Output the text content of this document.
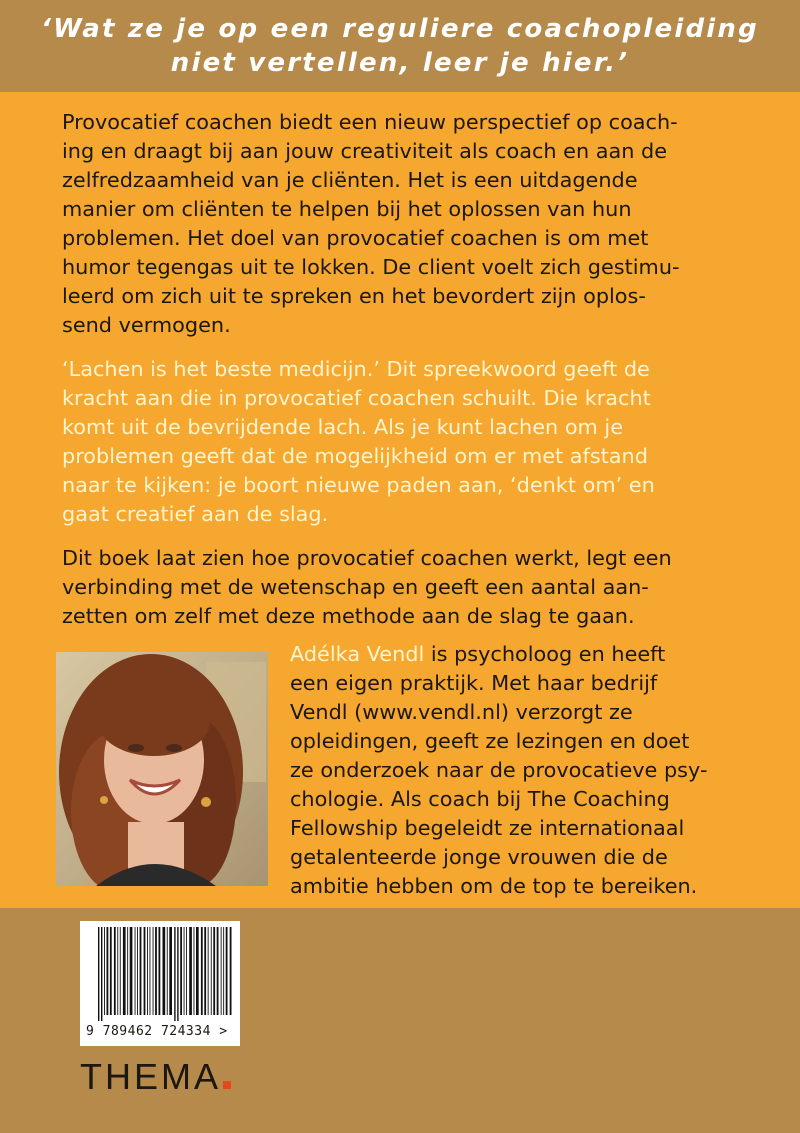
‘Wat ze je op een reguliere coachopleiding
niet vertellen, leer je hier.’

Provocatief coachen biedt een nieuw perspectief op coach-
ing en draagt bij aan jouw creativiteit als coach en aan de
zelfredzaamheid van je cliënten. Het is een uitdagende
manier om cliënten te helpen bij het oplossen van hun
problemen. Het doel van provocatief coachen is om met
humor tegengas uit te lokken. De client voelt zich gestimu-
leerd om zich uit te spreken en het bevordert zijn oplos-
send vermogen.

‘Lachen is het beste medicijn.’ Dit spreekwoord geeft de
kracht aan die in provocatief coachen schuilt. Die kracht
komt uit de bevrijdende lach. Als je kunt lachen om je
problemen geeft dat de mogelijkheid om er met afstand
naar te kijken: je boort nieuwe paden aan, ‘denkt om’ en
gaat creatief aan de slag.

Dit boek laat zien hoe provocatief coachen werkt, legt een
verbinding met de wetenschap en geeft een aantal aan-
zetten om zelf met deze methode aan de slag te gaan.

Adélka Vendl is psycholoog en heeft
een eigen praktijk. Met haar bedrijf
Vendl (www.vendl.nl) verzorgt ze
opleidingen, geeft ze lezingen en doet
ze onderzoek naar de provocatieve psy-
chologie. Als coach bij The Coaching
Fellowship begeleidt ze internationaal
getalenteerde jonge vrouwen die de
ambitie hebben om de top te bereiken.

9 789462 724334 >
THEMA
